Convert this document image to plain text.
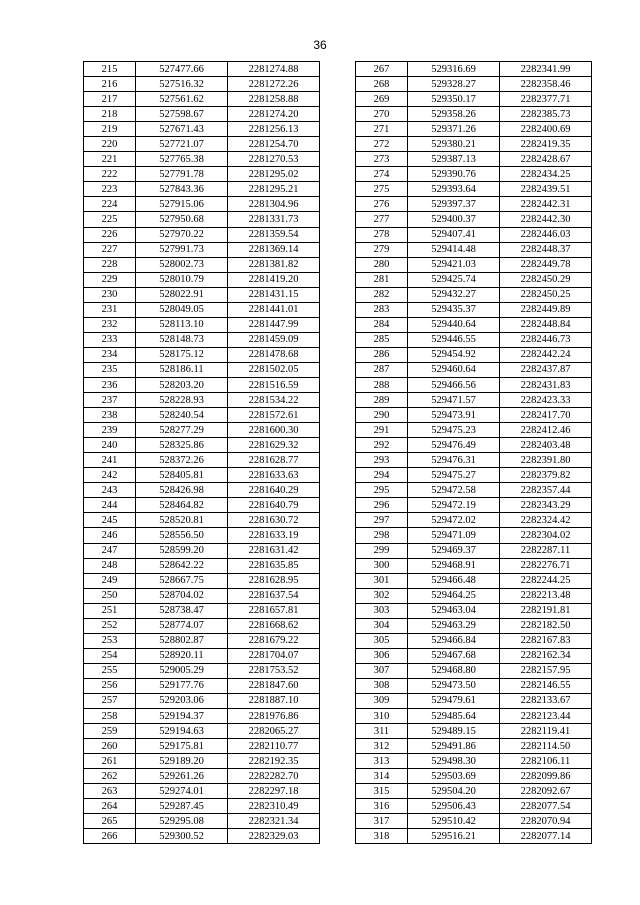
36
215	527477.66	2281274.88
216	527516.32	2281272.26
217	527561.62	2281258.88
218	527598.67	2281274.20
219	527671.43	2281256.13
220	527721.07	2281254.70
221	527765.38	2281270.53
222	527791.78	2281295.02
223	527843.36	2281295.21
224	527915.06	2281304.96
225	527950.68	2281331.73
226	527970.22	2281359.54
227	527991.73	2281369.14
228	528002.73	2281381.82
229	528010.79	2281419.20
230	528022.91	2281431.15
231	528049.05	2281441.01
232	528113.10	2281447.99
233	528148.73	2281459.09
234	528175.12	2281478.68
235	528186.11	2281502.05
236	528203.20	2281516.59
237	528228.93	2281534.22
238	528240.54	2281572.61
239	528277.29	2281600.30
240	528325.86	2281629.32
241	528372.26	2281628.77
242	528405.81	2281633.63
243	528426.98	2281640.29
244	528464.82	2281640.79
245	528520.81	2281630.72
246	528556.50	2281633.19
247	528599.20	2281631.42
248	528642.22	2281635.85
249	528667.75	2281628.95
250	528704.02	2281637.54
251	528738.47	2281657.81
252	528774.07	2281668.62
253	528802.87	2281679.22
254	528920.11	2281704.07
255	529005.29	2281753.52
256	529177.76	2281847.60
257	529203.06	2281887.10
258	529194.37	2281976.86
259	529194.63	2282065.27
260	529175.81	2282110.77
261	529189.20	2282192.35
262	529261.26	2282282.70
263	529274.01	2282297.18
264	529287.45	2282310.49
265	529295.08	2282321.34
266	529300.52	2282329.03
267	529316.69	2282341.99
268	529328.27	2282358.46
269	529350.17	2282377.71
270	529358.26	2282385.73
271	529371.26	2282400.69
272	529380.21	2282419.35
273	529387.13	2282428.67
274	529390.76	2282434.25
275	529393.64	2282439.51
276	529397.37	2282442.31
277	529400.37	2282442.30
278	529407.41	2282446.03
279	529414.48	2282448.37
280	529421.03	2282449.78
281	529425.74	2282450.29
282	529432.27	2282450.25
283	529435.37	2282449.89
284	529440.64	2282448.84
285	529446.55	2282446.73
286	529454.92	2282442.24
287	529460.64	2282437.87
288	529466.56	2282431.83
289	529471.57	2282423.33
290	529473.91	2282417.70
291	529475.23	2282412.46
292	529476.49	2282403.48
293	529476.31	2282391.80
294	529475.27	2282379.82
295	529472.58	2282357.44
296	529472.19	2282343.29
297	529472.02	2282324.42
298	529471.09	2282304.02
299	529469.37	2282287.11
300	529468.91	2282276.71
301	529466.48	2282244.25
302	529464.25	2282213.48
303	529463.04	2282191.81
304	529463.29	2282182.50
305	529466.84	2282167.83
306	529467.68	2282162.34
307	529468.80	2282157.95
308	529473.50	2282146.55
309	529479.61	2282133.67
310	529485.64	2282123.44
311	529489.15	2282119.41
312	529491.86	2282114.50
313	529498.30	2282106.11
314	529503.69	2282099.86
315	529504.20	2282092.67
316	529506.43	2282077.54
317	529510.42	2282070.94
318	529516.21	2282077.14
